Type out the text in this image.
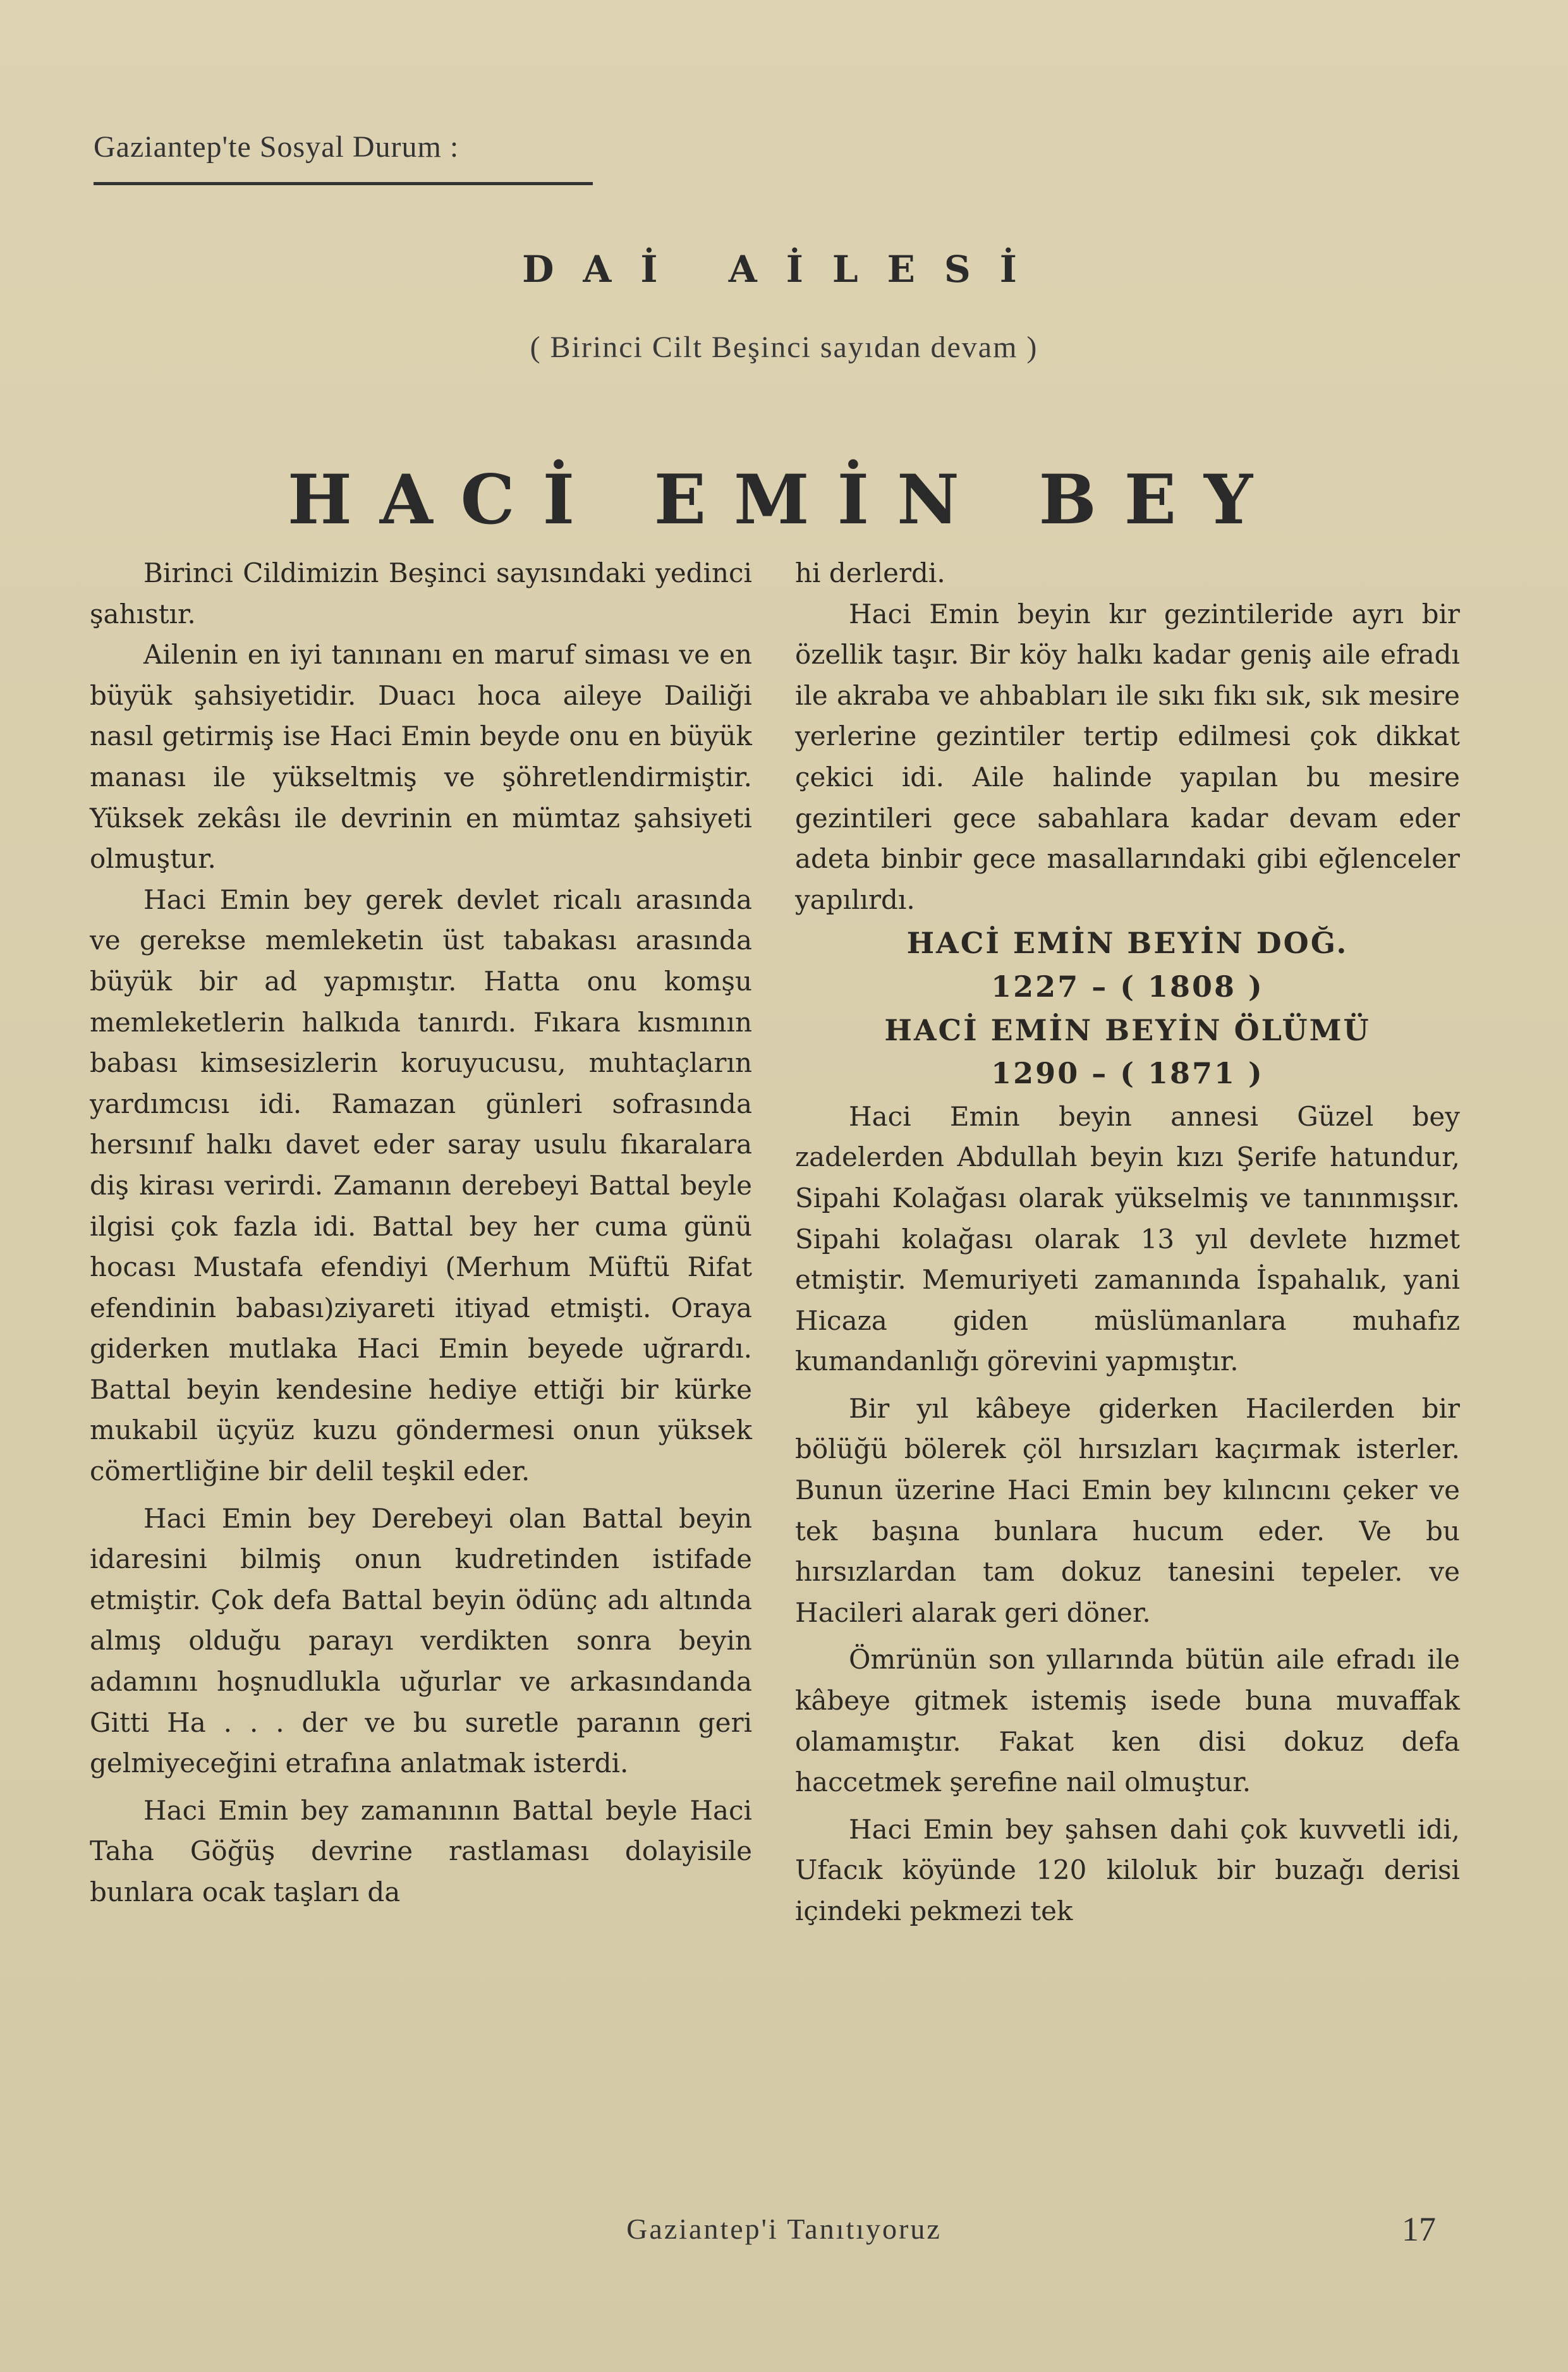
Gaziantep'te Sosyal Durum :
DAİ AİLESİ
( Birinci Cilt Beşinci sayıdan devam )
HACİ EMİN BEY

Birinci Cildimizin Beşinci sayısındaki yedinci şahıstır.

Ailenin en iyi tanınanı en maruf siması ve en büyük şahsiyetidir. Duacı hoca aileye Dailiği nasıl getirmiş ise Haci Emin beyde onu en büyük manası ile yükseltmiş ve şöhretlendirmiştir. Yüksek zekâsı ile devrinin en mümtaz şahsiyeti olmuştur.

Haci Emin bey gerek devlet ricalı arasında ve gerekse memleketin üst tabakası arasında büyük bir ad yapmıştır. Hatta onu komşu memleketlerin halkıda tanırdı. Fıkara kısmının babası kimsesizlerin koruyucusu, muhtaçların yardımcısı idi. Ramazan günleri sofrasında hersınıf halkı davet eder saray usulu fıkaralara diş kirası verirdi. Zamanın derebeyi Battal beyle ilgisi çok fazla idi. Battal bey her cuma günü hocası Mustafa efendiyi (Merhum Müftü Rifat efendinin babası)ziyareti itiyad etmişti. Oraya giderken mutlaka Haci Emin beyede uğrardı. Battal beyin kendesine hediye ettiği bir kürke mukabil üçyüz kuzu göndermesi onun yüksek cömertliğine bir delil teşkil eder.

Haci Emin bey Derebeyi olan Battal beyin idaresini bilmiş onun kudretinden istifade etmiştir. Çok defa Battal beyin ödünç adı altında almış olduğu parayı verdikten sonra beyin adamını hoşnudlukla uğurlar ve arkasındanda Gitti Ha . . . der ve bu suretle paranın geri gelmiyeceğini etrafına anlatmak isterdi.

Haci Emin bey zamanının Battal beyle Haci Taha Göğüş devrine rastlaması dolayisile bunlara ocak taşları da

hi derlerdi.

Haci Emin beyin kır gezintileride ayrı bir özellik taşır. Bir köy halkı kadar geniş aile efradı ile akraba ve ahbabları ile sıkı fıkı sık, sık mesire yerlerine gezintiler tertip edilmesi çok dikkat çekici idi. Aile halinde yapılan bu mesire gezintileri gece sabahlara kadar devam eder adeta binbir gece masallarındaki gibi eğlenceler yapılırdı.

HACİ EMİN BEYİN DOĞ.
1227 – ( 1808 )
HACİ EMİN BEYİN ÖLÜMÜ
1290 – ( 1871 )

Haci Emin beyin annesi Güzel bey zadelerden Abdullah beyin kızı Şerife hatundur, Sipahi Kolağası olarak yükselmiş ve tanınmışsır. Sipahi kolağası olarak 13 yıl devlete hızmet etmiştir. Memuriyeti zamanında İspahalık, yani Hicaza giden müslümanlara muhafız kumandanlığı görevini yapmıştır.

Bir yıl kâbeye giderken Hacilerden bir bölüğü bölerek çöl hırsızları kaçırmak isterler. Bunun üzerine Haci Emin bey kılıncını çeker ve tek başına bunlara hucum eder. Ve bu hırsızlardan tam dokuz tanesini tepeler. ve Hacileri alarak geri döner.

Ömrünün son yıllarında bütün aile efradı ile kâbeye gitmek istemiş isede buna muvaffak olamamıştır. Fakat ken disi dokuz defa haccetmek şerefine nail olmuştur.

Haci Emin bey şahsen dahi çok kuvvetli idi, Ufacık köyünde 120 kiloluk bir buzağı derisi içindeki pekmezi tek

Gaziantep'i Tanıtıyoruz	17
